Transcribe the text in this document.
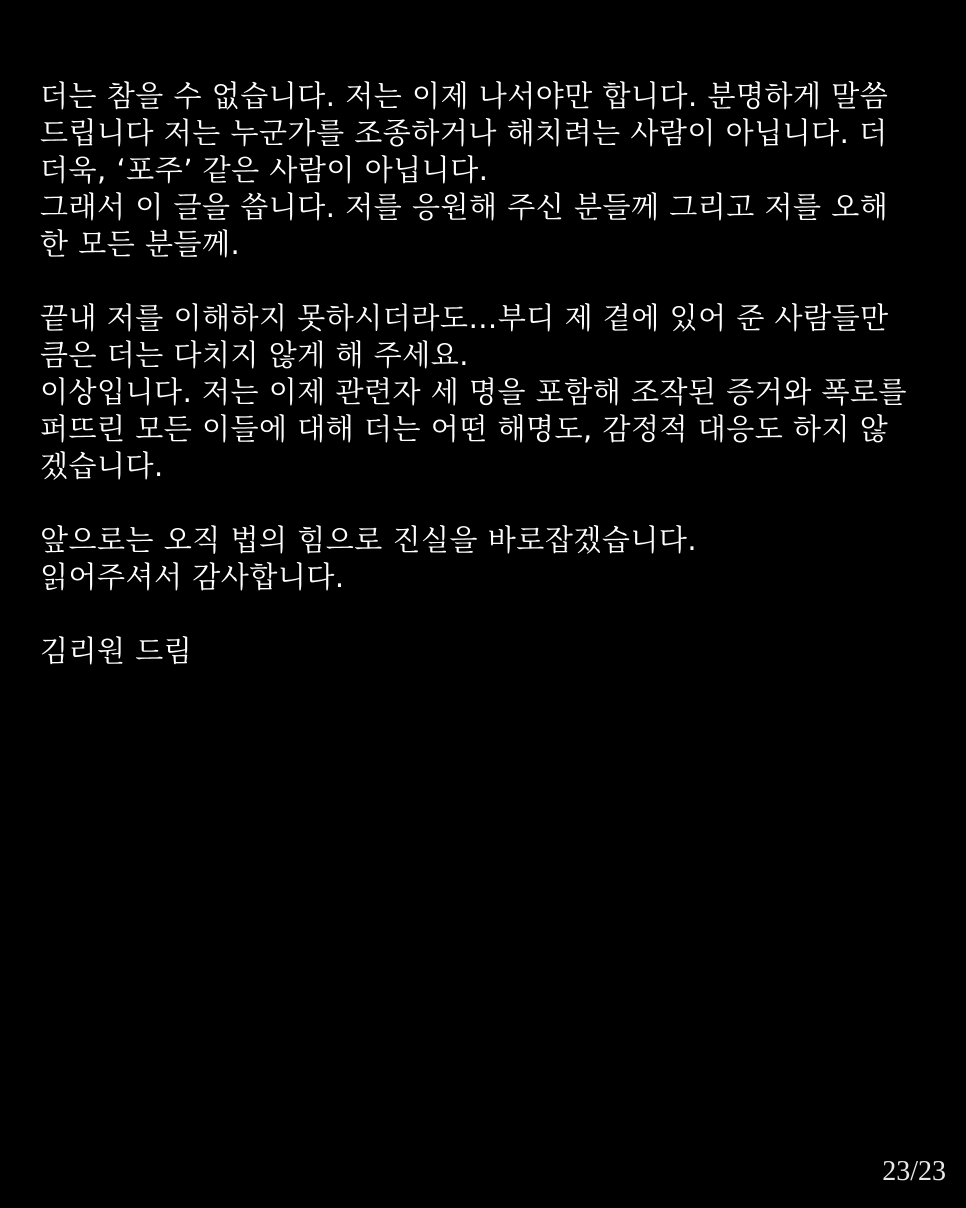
더는 참을 수 없습니다. 저는 이제 나서야만 합니다. 분명하게 말씀
드립니다 저는 누군가를 조종하거나 해치려는 사람이 아닙니다. 더
더욱, ‘포주’ 같은 사람이 아닙니다.
그래서 이 글을 씁니다. 저를 응원해 주신 분들께 그리고 저를 오해
한 모든 분들께.
끝내 저를 이해하지 못하시더라도…부디 제 곁에 있어 준 사람들만
큼은 더는 다치지 않게 해 주세요.
이상입니다. 저는 이제 관련자 세 명을 포함해 조작된 증거와 폭로를
퍼뜨린 모든 이들에 대해 더는 어떤 해명도, 감정적 대응도 하지 않
겠습니다.
앞으로는 오직 법의 힘으로 진실을 바로잡겠습니다.
읽어주셔서 감사합니다.
김리원 드림
23/23
